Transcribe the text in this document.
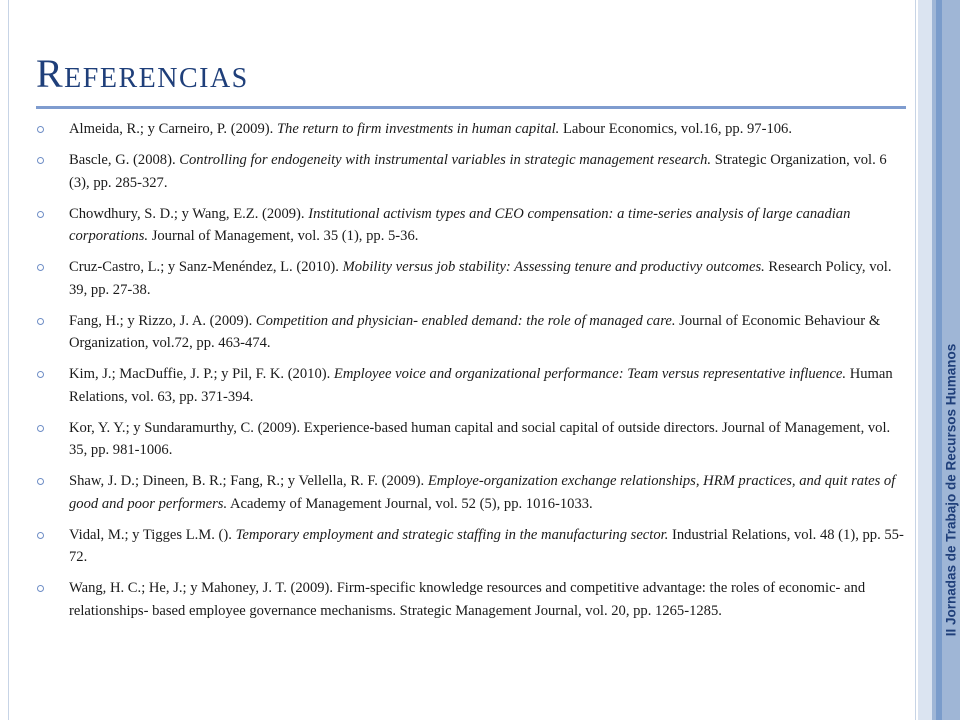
II Jornadas de Trabajo de Recursos Humanos
Referencias
Almeida, R.; y Carneiro, P. (2009). The return to firm investments in human capital. Labour Economics, vol.16, pp. 97-106.
Bascle, G. (2008). Controlling for endogeneity with instrumental variables in strategic management research. Strategic Organization, vol. 6 (3), pp. 285-327.
Chowdhury, S. D.; y Wang, E.Z. (2009). Institutional activism types and CEO compensation: a time-series analysis of large canadian corporations. Journal of Management, vol. 35 (1), pp. 5-36.
Cruz-Castro, L.; y Sanz-Menéndez, L. (2010). Mobility versus job stability: Assessing tenure and productivy outcomes. Research Policy, vol. 39, pp. 27-38.
Fang, H.; y Rizzo, J. A. (2009). Competition and physician- enabled demand: the role of managed care. Journal of Economic Behaviour & Organization, vol.72, pp. 463-474.
Kim, J.; MacDuffie, J. P.; y Pil, F. K. (2010). Employee voice and organizational performance: Team versus representative influence. Human Relations, vol. 63, pp. 371-394.
Kor, Y. Y.; y Sundaramurthy, C. (2009). Experience-based human capital and social capital of outside directors. Journal of Management, vol. 35, pp. 981-1006.
Shaw, J. D.; Dineen, B. R.; Fang, R.; y Vellella, R. F. (2009). Employe-organization exchange relationships, HRM practices, and quit rates of good and poor performers. Academy of Management Journal, vol. 52 (5), pp. 1016-1033.
Vidal, M.; y Tigges L.M. (). Temporary employment and strategic staffing in the manufacturing sector. Industrial Relations, vol. 48 (1), pp. 55-72.
Wang, H. C.; He, J.; y Mahoney, J. T. (2009). Firm-specific knowledge resources and competitive advantage: the roles of economic- and relationships- based employee governance mechanisms. Strategic Management Journal, vol. 20, pp. 1265-1285.
